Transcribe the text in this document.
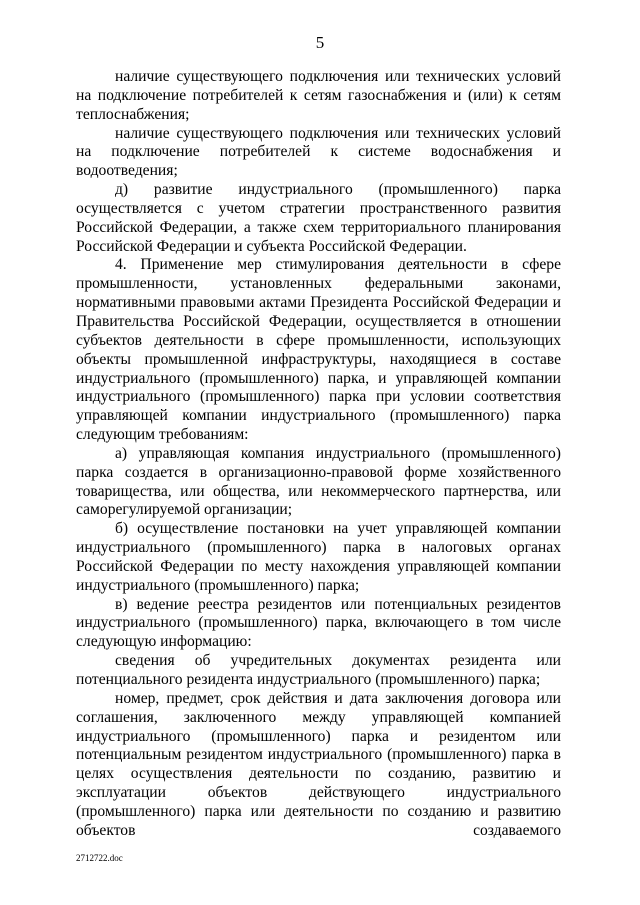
5

наличие существующего подключения или технических условий на подключение потребителей к сетям газоснабжения и (или) к сетям теплоснабжения;

наличие существующего подключения или технических условий на подключение потребителей к системе водоснабжения и водоотведения;

д) развитие индустриального (промышленного) парка осуществляется с учетом стратегии пространственного развития Российской Федерации, а также схем территориального планирования Российской Федерации и субъекта Российской Федерации.

4. Применение мер стимулирования деятельности в сфере промышленности, установленных федеральными законами, нормативными правовыми актами Президента Российской Федерации и Правительства Российской Федерации, осуществляется в отношении субъектов деятельности в сфере промышленности, использующих объекты промышленной инфраструктуры, находящиеся в составе индустриального (промышленного) парка, и управляющей компании индустриального (промышленного) парка при условии соответствия управляющей компании индустриального (промышленного) парка следующим требованиям:

а) управляющая компания индустриального (промышленного) парка создается в организационно-правовой форме хозяйственного товарищества, или общества, или некоммерческого партнерства, или саморегулируемой организации;

б) осуществление постановки на учет управляющей компании индустриального (промышленного) парка в налоговых органах Российской Федерации по месту нахождения управляющей компании индустриального (промышленного) парка;

в) ведение реестра резидентов или потенциальных резидентов индустриального (промышленного) парка, включающего в том числе следующую информацию:

сведения об учредительных документах резидента или потенциального резидента индустриального (промышленного) парка;

номер, предмет, срок действия и дата заключения договора или соглашения, заключенного между управляющей компанией индустриального (промышленного) парка и резидентом или потенциальным резидентом индустриального (промышленного) парка в целях осуществления деятельности по созданию, развитию и эксплуатации объектов действующего индустриального (промышленного) парка или деятельности по созданию и развитию объектов создаваемого

2712722.doc
